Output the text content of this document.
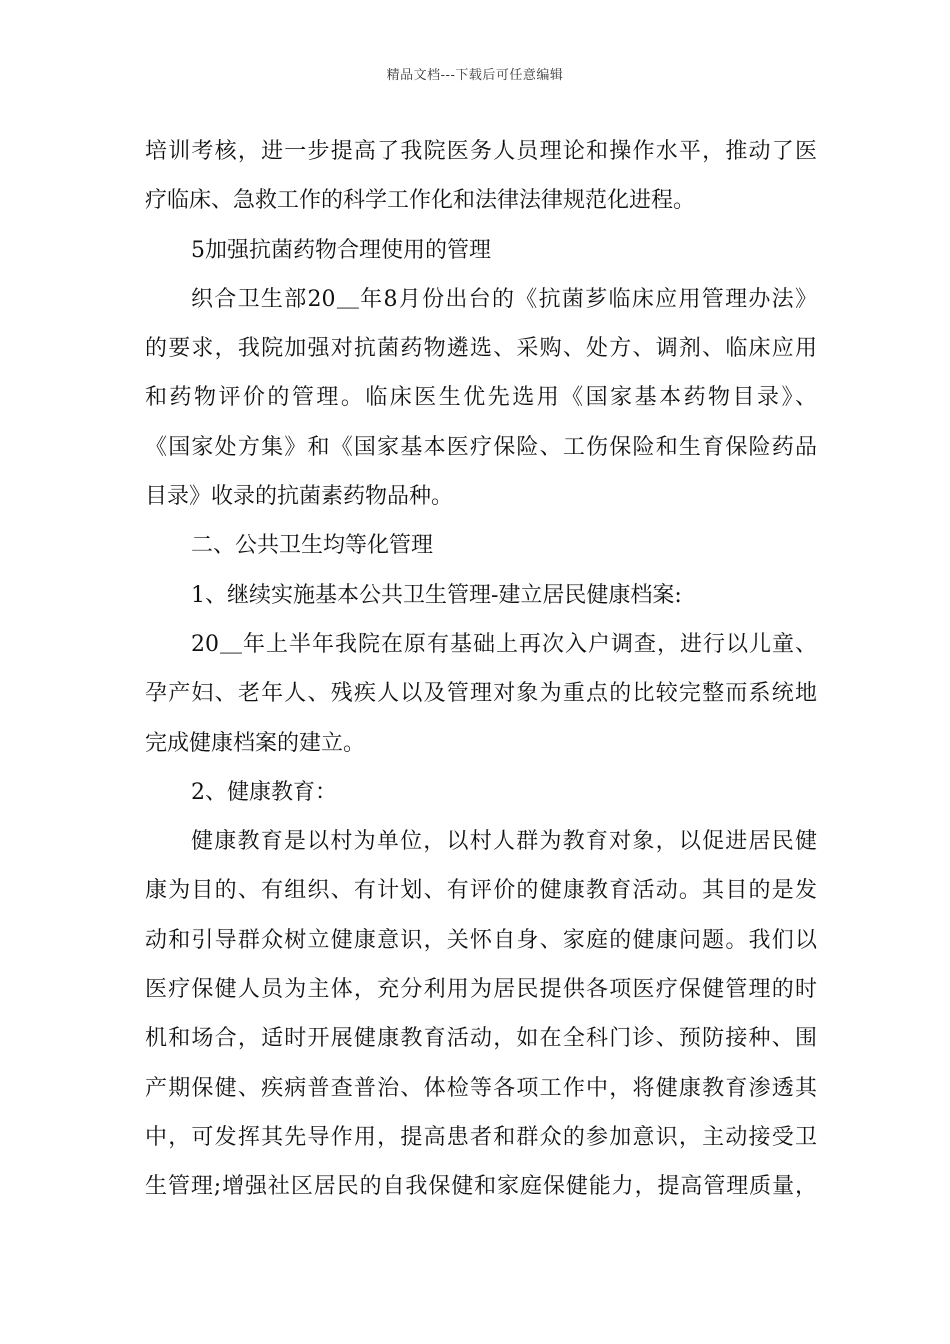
精品文档---下载后可任意编辑
培训考核，进一步提高了我院医务人员理论和操作水平，推动了医
疗临床、急救工作的科学工作化和法律法律规范化进程。
5加强抗菌药物合理使用的管理
织合卫生部20＿年8月份出台的《抗菌芗临床应用管理办法》
的要求，我院加强对抗菌药物遴选、采购、处方、调剂、临床应用
和药物评价的管理。临床医生优先选用《国家基本药物目录》、
《国家处方集》和《国家基本医疗保险、工伤保险和生育保险药品
目录》收录的抗菌素药物品种。
二、公共卫生均等化管理
1、继续实施基本公共卫生管理-建立居民健康档案:
20＿年上半年我院在原有基础上再次入户调查，进行以儿童、
孕产妇、老年人、残疾人以及管理对象为重点的比较完整而系统地
完成健康档案的建立。
2、健康教育：
健康教育是以村为单位，以村人群为教育对象，以促进居民健
康为目的、有组织、有计划、有评价的健康教育活动。其目的是发
动和引导群众树立健康意识，关怀自身、家庭的健康问题。我们以
医疗保健人员为主体，充分利用为居民提供各项医疗保健管理的时
机和场合，适时开展健康教育活动，如在全科门诊、预防接种、围
产期保健、疾病普查普治、体检等各项工作中，将健康教育渗透其
中，可发挥其先导作用，提高患者和群众的参加意识，主动接受卫
生管理;增强社区居民的自我保健和家庭保健能力，提高管理质量，
